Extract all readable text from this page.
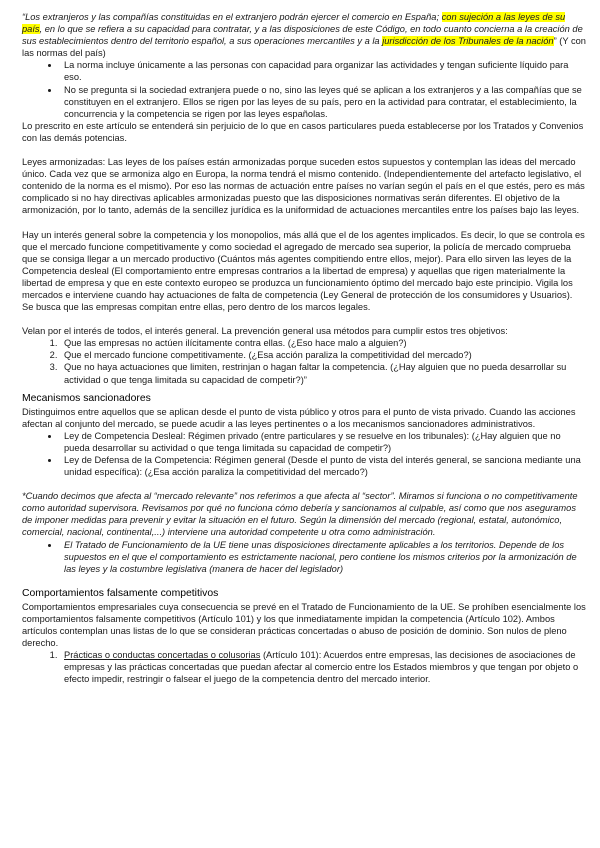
“Los extranjeros y las compañías constituidas en el extranjero podrán ejercer el comercio en España; con sujeción a las leyes de su país, en lo que se refiera a su capacidad para contratar, y a las disposiciones de este Código, en todo cuanto concierna a la creación de sus establecimientos dentro del territorio español, a sus operaciones mercantiles y a la jurisdicción de los Tribunales de la nación” (Y con las normas del país)

• La norma incluye únicamente a las personas con capacidad para organizar las actividades y tengan suficiente líquido para eso.
• No se pregunta si la sociedad extranjera puede o no, sino las leyes qué se aplican a los extranjeros y a las compañías que se constituyen en el extranjero. Ellos se rigen por las leyes de su país, pero en la actividad para contratar, el establecimiento, la concurrencia y la competencia se rigen por las leyes españolas.

Lo prescrito en este artículo se entenderá sin perjuicio de lo que en casos particulares pueda establecerse por los Tratados y Convenios con las demás potencias.

Leyes armonizadas: Las leyes de los países están armonizadas porque suceden estos supuestos y contemplan las ideas del mercado único. Cada vez que se armoniza algo en Europa, la norma tendrá el mismo contenido. (Independientemente del artefacto legislativo, el contenido de la norma es el mismo). Por eso las normas de actuación entre países no varían según el país en el que estés, pero es más complicado si no hay directivas aplicables armonizadas puesto que las disposiciones normativas serán diferentes. El objetivo de la armonización, por lo tanto, además de la sencillez jurídica es la uniformidad de actuaciones mercantiles entre los países bajo las leyes.

Hay un interés general sobre la competencia y los monopolios, más allá que el de los agentes implicados. Es decir, lo que se controla es que el mercado funcione competitivamente y como sociedad el agregado de mercado sea superior, la policía de mercado comprueba que se consiga llegar a un mercado productivo (Cuántos más agentes compitiendo entre ellos, mejor). Para ello sirven las leyes de la Competencia desleal (El comportamiento entre empresas contrarios a la libertad de empresa) y aquellas que rigen materialmente la libertad de empresa y que en este contexto europeo se produzca un funcionamiento óptimo del mercado bajo este principio. Vigila los mercados e interviene cuando hay actuaciones de falta de competencia (Ley General de protección de los consumidores y Usuarios). Se busca que las empresas compitan entre ellas, pero dentro de los marcos legales.

Velan por el interés de todos, el interés general. La prevención general usa métodos para cumplir estos tres objetivos:

1. Que las empresas no actúen ilícitamente contra ellas. (¿Eso hace malo a alguien?)
2. Que el mercado funcione competitivamente. (¿Esa acción paraliza la competitividad del mercado?)
3. Que no haya actuaciones que limiten, restrinjan o hagan faltar la competencia. (¿Hay alguien que no pueda desarrollar su actividad o que tenga limitada su capacidad de competir?)”
Mecanismos sancionadores

Distinguimos entre aquellos que se aplican desde el punto de vista público y otros para el punto de vista privado. Cuando las acciones afectan al conjunto del mercado, se puede acudir a las leyes pertinentes o a los mecanismos sancionadores administrativos.

• Ley de Competencia Desleal: Régimen privado (entre particulares y se resuelve en los tribunales): (¿Hay alguien que no pueda desarrollar su actividad o que tenga limitada su capacidad de competir?)
• Ley de Defensa de la Competencia: Régimen general (Desde el punto de vista del interés general, se sanciona mediante una unidad específica): (¿Esa acción paraliza la competitividad del mercado?)

*Cuando decimos que afecta al “mercado relevante” nos referimos a que afecta al “sector”. Miramos si funciona o no competitivamente como autoridad supervisora. Revisamos por qué no funciona cómo debería y sancionamos al culpable, así como que nos aseguramos de imponer medidas para prevenir y evitar la situación en el futuro. Según la dimensión del mercado (regional, estatal, autonómico, comercial, nacional, continental,...) interviene una autoridad competente u otra como administración.

• El Tratado de Funcionamiento de la UE tiene unas disposiciones directamente aplicables a los territorios. Depende de los supuestos en el que el comportamiento es estrictamente nacional, pero contiene los mismos criterios por la armonización de las leyes y la costumbre legislativa (manera de hacer del legislador)
Comportamientos falsamente competitivos

Comportamientos empresariales cuya consecuencia se prevé en el Tratado de Funcionamiento de la UE. Se prohíben esencialmente los comportamientos falsamente competitivos (Artículo 101) y los que inmediatamente impidan la competencia (Artículo 102). Ambos artículos contemplan unas listas de lo que se consideran prácticas concertadas o abuso de posición de dominio. Son nulos de pleno derecho.

1. Prácticas o conductas concertadas o colusorias (Artículo 101): Acuerdos entre empresas, las decisiones de asociaciones de empresas y las prácticas concertadas que puedan afectar al comercio entre los Estados miembros y que tengan por objeto o efecto impedir, restringir o falsear el juego de la competencia dentro del mercado interior.
